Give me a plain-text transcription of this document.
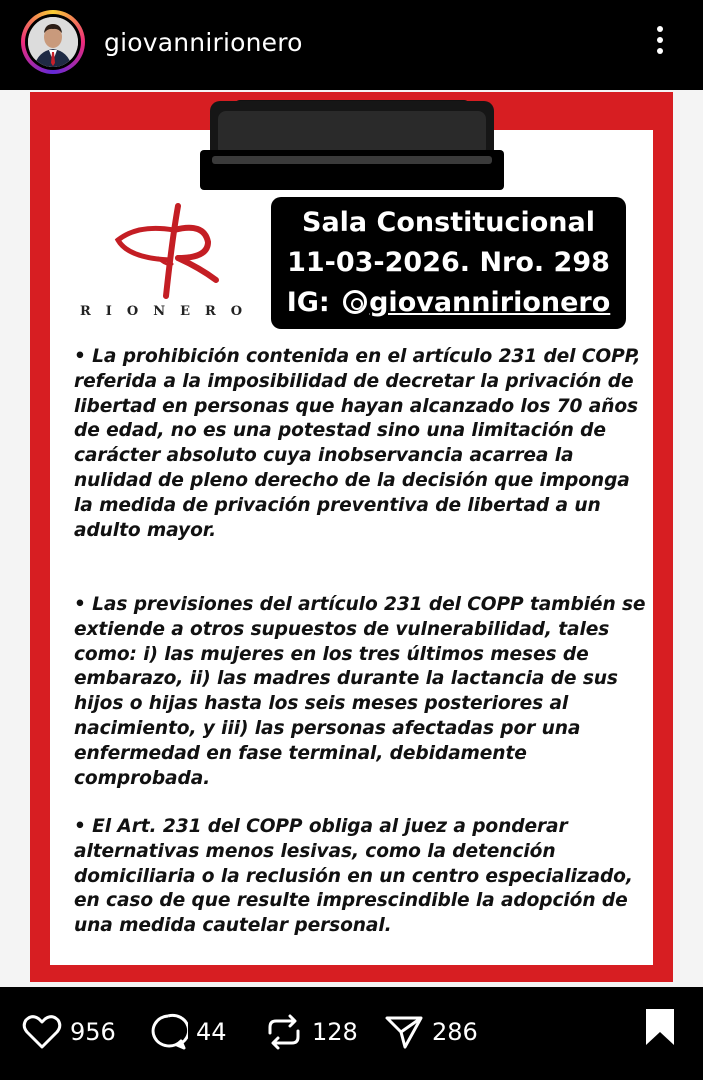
giovannirionero
RIONERO
Sala Constitucional
11-03-2026. Nro. 298
IG: giovannirionero
• La prohibición contenida en el artículo 231 del COPP, referida a la imposibilidad de decretar la privación de libertad en personas que hayan alcanzado los 70 años de edad, no es una potestad sino una limitación de carácter absoluto cuya inobservancia acarrea la nulidad de pleno derecho de la decisión que imponga la medida de privación preventiva de libertad a un adulto mayor.
• Las previsiones del artículo 231 del COPP también se extiende a otros supuestos de vulnerabilidad, tales como: i) las mujeres en los tres últimos meses de embarazo, ii) las madres durante la lactancia de sus hijos o hijas hasta los seis meses posteriores al nacimiento, y iii) las personas afectadas por una enfermedad en fase terminal, debidamente comprobada.
• El Art. 231 del COPP obliga al juez a ponderar alternativas menos lesivas, como la detención domiciliaria o la reclusión en un centro especializado, en caso de que resulte imprescindible la adopción de una medida cautelar personal.
956	44	128	286
